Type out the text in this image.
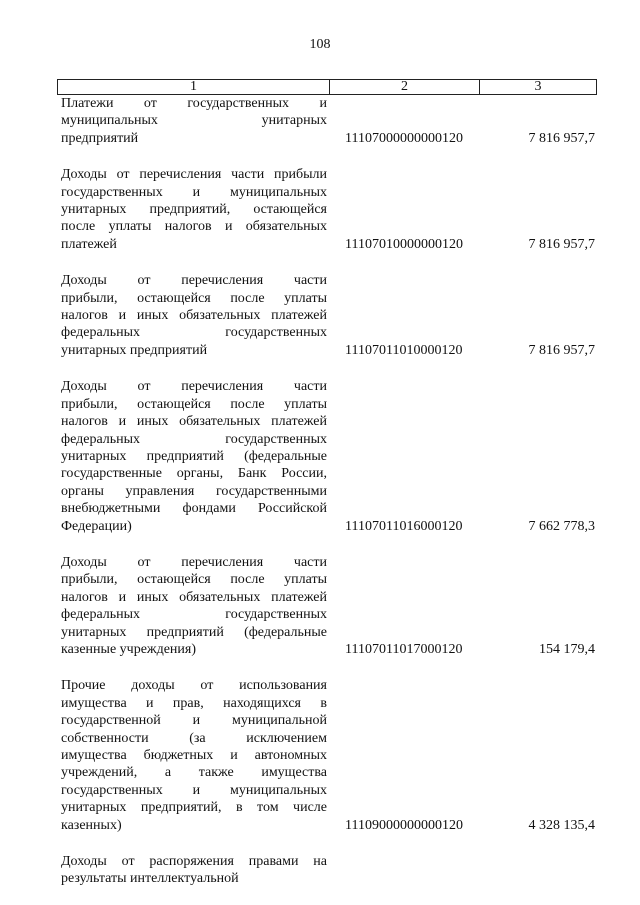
108
1	2	3
Платежи от государственных и
муниципальных унитарных
предприятий	11107000000000120	7 816 957,7
Доходы от перечисления части прибыли
государственных и муниципальных
унитарных предприятий, остающейся
после уплаты налогов и обязательных
платежей	11107010000000120	7 816 957,7
Доходы от перечисления части
прибыли, остающейся после уплаты
налогов и иных обязательных платежей
федеральных государственных
унитарных предприятий	11107011010000120	7 816 957,7
Доходы от перечисления части
прибыли, остающейся после уплаты
налогов и иных обязательных платежей
федеральных государственных
унитарных предприятий (федеральные
государственные органы, Банк России,
органы управления государственными
внебюджетными фондами Российской
Федерации)	11107011016000120	7 662 778,3
Доходы от перечисления части
прибыли, остающейся после уплаты
налогов и иных обязательных платежей
федеральных государственных
унитарных предприятий (федеральные
казенные учреждения)	11107011017000120	154 179,4
Прочие доходы от использования
имущества и прав, находящихся в
государственной и муниципальной
собственности (за исключением
имущества бюджетных и автономных
учреждений, а также имущества
государственных и муниципальных
унитарных предприятий, в том числе
казенных)	11109000000000120	4 328 135,4
Доходы от распоряжения правами на
результаты интеллектуальной
